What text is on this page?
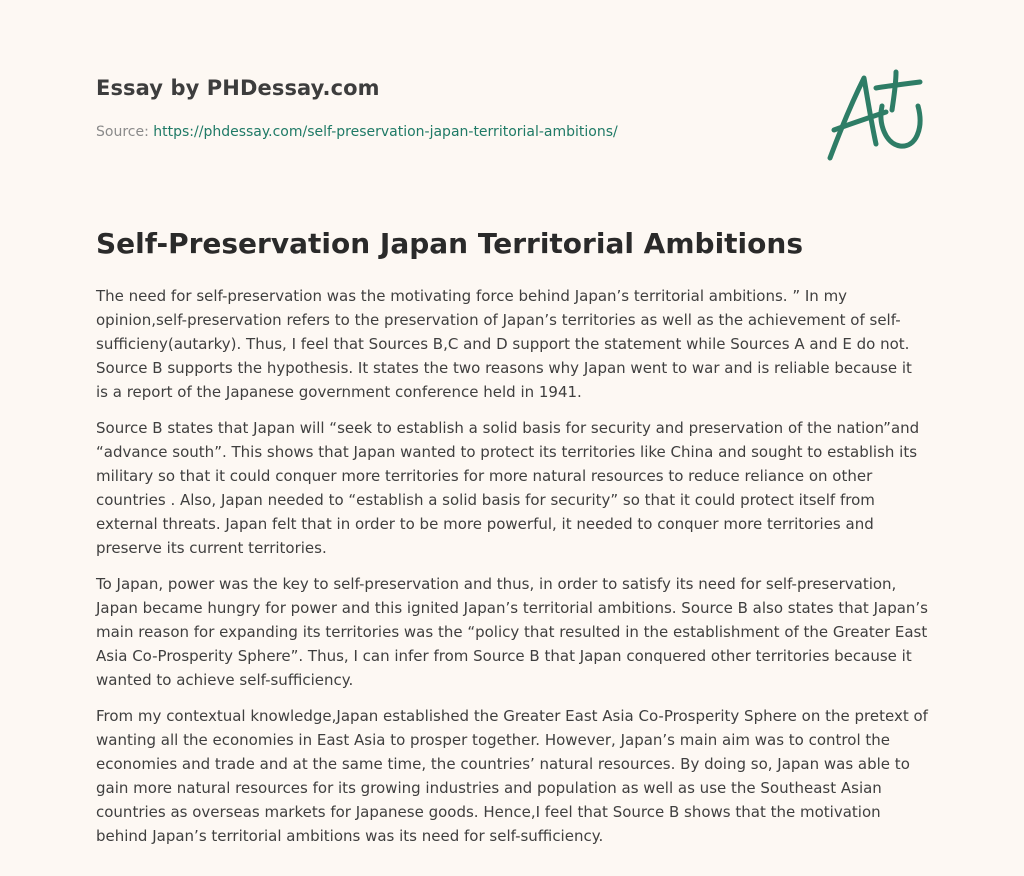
Essay by PHDessay.com
Source: https://phdessay.com/self-preservation-japan-territorial-ambitions/
Self-Preservation Japan Territorial Ambitions

The need for self-preservation was the motivating force behind Japan’s territorial ambitions. ” In my opinion,self-preservation refers to the preservation of Japan’s territories as well as the achievement of self-sufficieny(autarky). Thus, I feel that Sources B,C and D support the statement while Sources A and E do not. Source B supports the hypothesis. It states the two reasons why Japan went to war and is reliable because it is a report of the Japanese government conference held in 1941.

Source B states that Japan will “seek to establish a solid basis for security and preservation of the nation”and “advance south”. This shows that Japan wanted to protect its territories like China and sought to establish its military so that it could conquer more territories for more natural resources to reduce reliance on other countries . Also, Japan needed to “establish a solid basis for security” so that it could protect itself from external threats. Japan felt that in order to be more powerful, it needed to conquer more territories and preserve its current territories.

To Japan, power was the key to self-preservation and thus, in order to satisfy its need for self-preservation, Japan became hungry for power and this ignited Japan’s territorial ambitions. Source B also states that Japan’s main reason for expanding its territories was the “policy that resulted in the establishment of the Greater East Asia Co-Prosperity Sphere”. Thus, I can infer from Source B that Japan conquered other territories because it wanted to achieve self-sufficiency.

From my contextual knowledge,Japan established the Greater East Asia Co-Prosperity Sphere on the pretext of wanting all the economies in East Asia to prosper together. However, Japan’s main aim was to control the economies and trade and at the same time, the countries’ natural resources. By doing so, Japan was able to gain more natural resources for its growing industries and population as well as use the Southeast Asian countries as overseas markets for Japanese goods. Hence,I feel that Source B shows that the motivation behind Japan’s territorial ambitions was its need for self-sufficiency.
